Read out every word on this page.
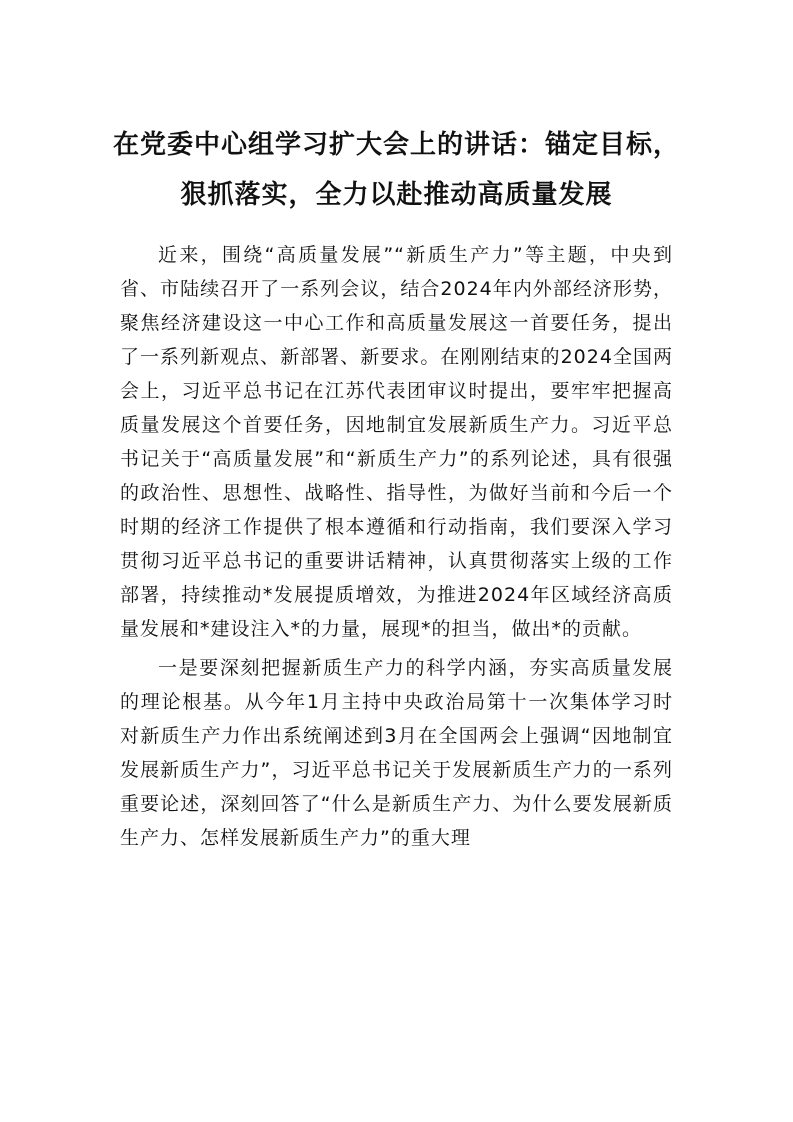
在党委中心组学习扩大会上的讲话：锚定目标，狠抓落实，全力以赴推动高质量发展

近来，围绕“高质量发展”“新质生产力”等主题，中央到省、市陆续召开了一系列会议，结合2024年内外部经济形势，聚焦经济建设这一中心工作和高质量发展这一首要任务，提出了一系列新观点、新部署、新要求。在刚刚结束的2024全国两会上，习近平总书记在江苏代表团审议时提出，要牢牢把握高质量发展这个首要任务，因地制宜发展新质生产力。习近平总书记关于“高质量发展”和“新质生产力”的系列论述，具有很强的政治性、思想性、战略性、指导性，为做好当前和今后一个时期的经济工作提供了根本遵循和行动指南，我们要深入学习贯彻习近平总书记的重要讲话精神，认真贯彻落实上级的工作部署，持续推动*发展提质增效，为推进2024年区域经济高质量发展和*建设注入*的力量，展现*的担当，做出*的贡献。

一是要深刻把握新质生产力的科学内涵，夯实高质量发展的理论根基。从今年1月主持中央政治局第十一次集体学习时对新质生产力作出系统阐述到3月在全国两会上强调“因地制宜发展新质生产力”，习近平总书记关于发展新质生产力的一系列重要论述，深刻回答了“什么是新质生产力、为什么要发展新质生产力、怎样发展新质生产力”的重大理
